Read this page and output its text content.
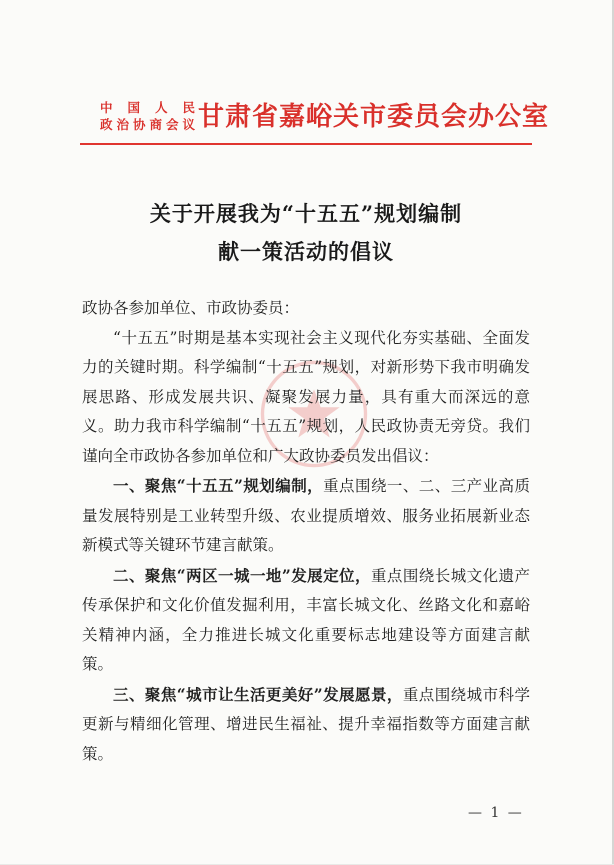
中国人民
政治协商会议 甘肃省嘉峪关市委员会办公室
关于开展我为“十五五”规划编制
献一策活动的倡议

政协各参加单位、市政协委员：

“十五五”时期是基本实现社会主义现代化夯实基础、全面发力的关键时期。科学编制“十五五”规划，对新形势下我市明确发展思路、形成发展共识、凝聚发展力量，具有重大而深远的意义。助力我市科学编制“十五五”规划，人民政协责无旁贷。我们谨向全市政协各参加单位和广大政协委员发出倡议：

一、聚焦“十五五”规划编制，重点围绕一、二、三产业高质量发展特别是工业转型升级、农业提质增效、服务业拓展新业态新模式等关键环节建言献策。

二、聚焦“两区一城一地”发展定位，重点围绕长城文化遗产传承保护和文化价值发掘利用，丰富长城文化、丝路文化和嘉峪关精神内涵，全力推进长城文化重要标志地建设等方面建言献策。

三、聚焦“城市让生活更美好”发展愿景，重点围绕城市科学更新与精细化管理、增进民生福祉、提升幸福指数等方面建言献策。

— 1 —
